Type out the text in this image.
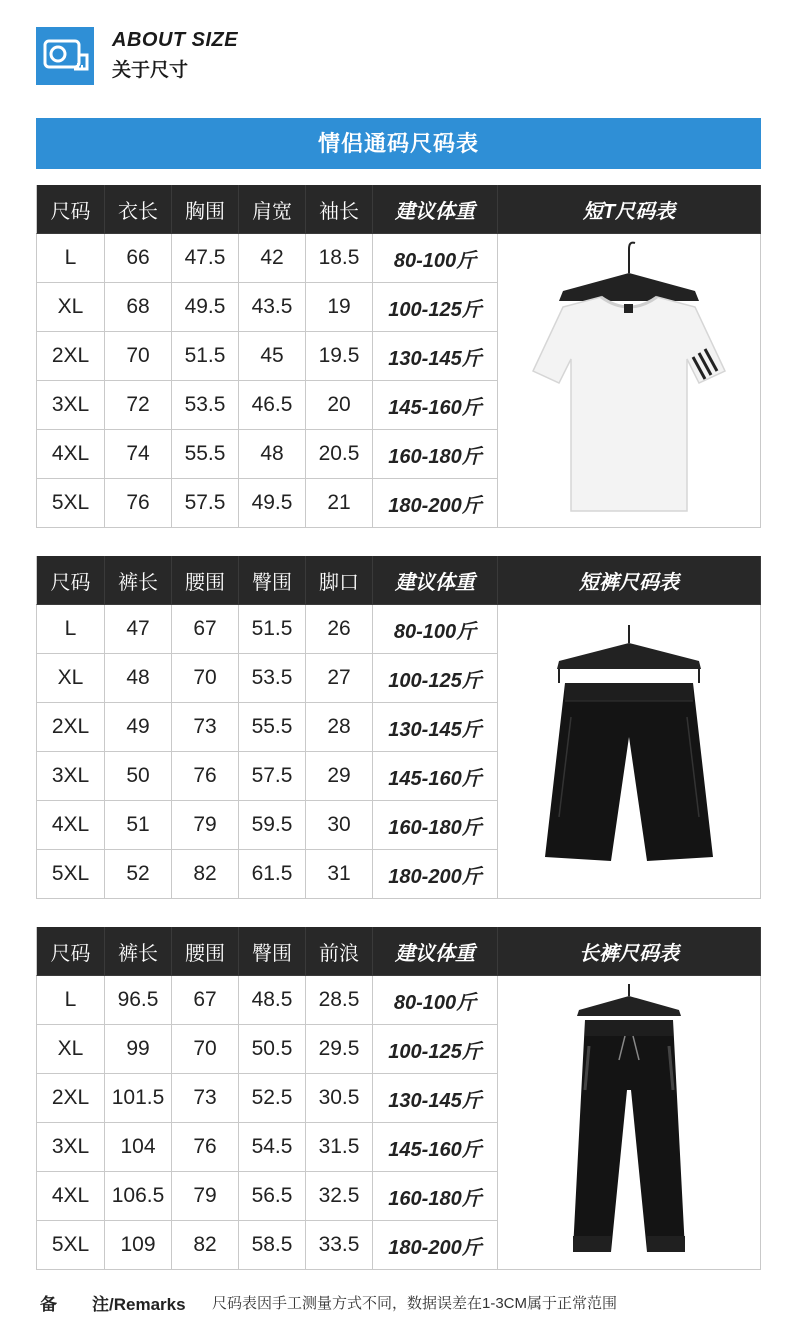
ABOUT SIZE
关于尺寸
情侣通码尺码表
尺码	衣长	胸围	肩宽	袖长	建议体重	短T尺码表
L	66	47.5	42	18.5	80-100斤
XL	68	49.5	43.5	19	100-125斤
2XL	70	51.5	45	19.5	130-145斤
3XL	72	53.5	46.5	20	145-160斤
4XL	74	55.5	48	20.5	160-180斤
5XL	76	57.5	49.5	21	180-200斤
尺码	裤长	腰围	臀围	脚口	建议体重	短裤尺码表
L	47	67	51.5	26	80-100斤
XL	48	70	53.5	27	100-125斤
2XL	49	73	55.5	28	130-145斤
3XL	50	76	57.5	29	145-160斤
4XL	51	79	59.5	30	160-180斤
5XL	52	82	61.5	31	180-200斤
尺码	裤长	腰围	臀围	前浪	建议体重	长裤尺码表
L	96.5	67	48.5	28.5	80-100斤
XL	99	70	50.5	29.5	100-125斤
2XL	101.5	73	52.5	30.5	130-145斤
3XL	104	76	54.5	31.5	145-160斤
4XL	106.5	79	56.5	32.5	160-180斤
5XL	109	82	58.5	33.5	180-200斤
备 注/Remarks 尺码表因手工测量方式不同，数据误差在1-3CM属于正常范围
